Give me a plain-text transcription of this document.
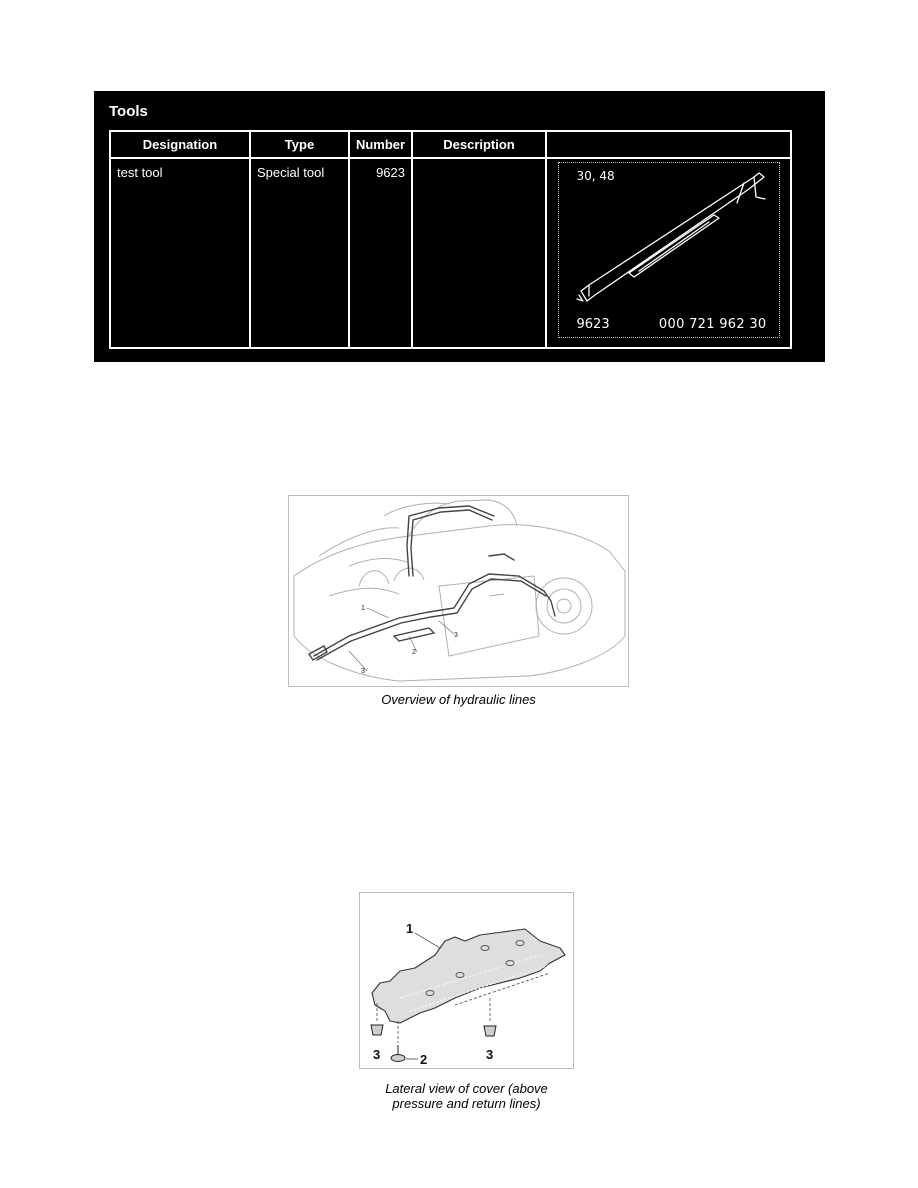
Tools
Designation	Type	Number	Description	
test tool	Special tool	9623		30, 48
9623 000 721 962 30
1
2
3
3
Overview of hydraulic lines
1
2
3	3
Lateral view of cover (above
pressure and return lines)
